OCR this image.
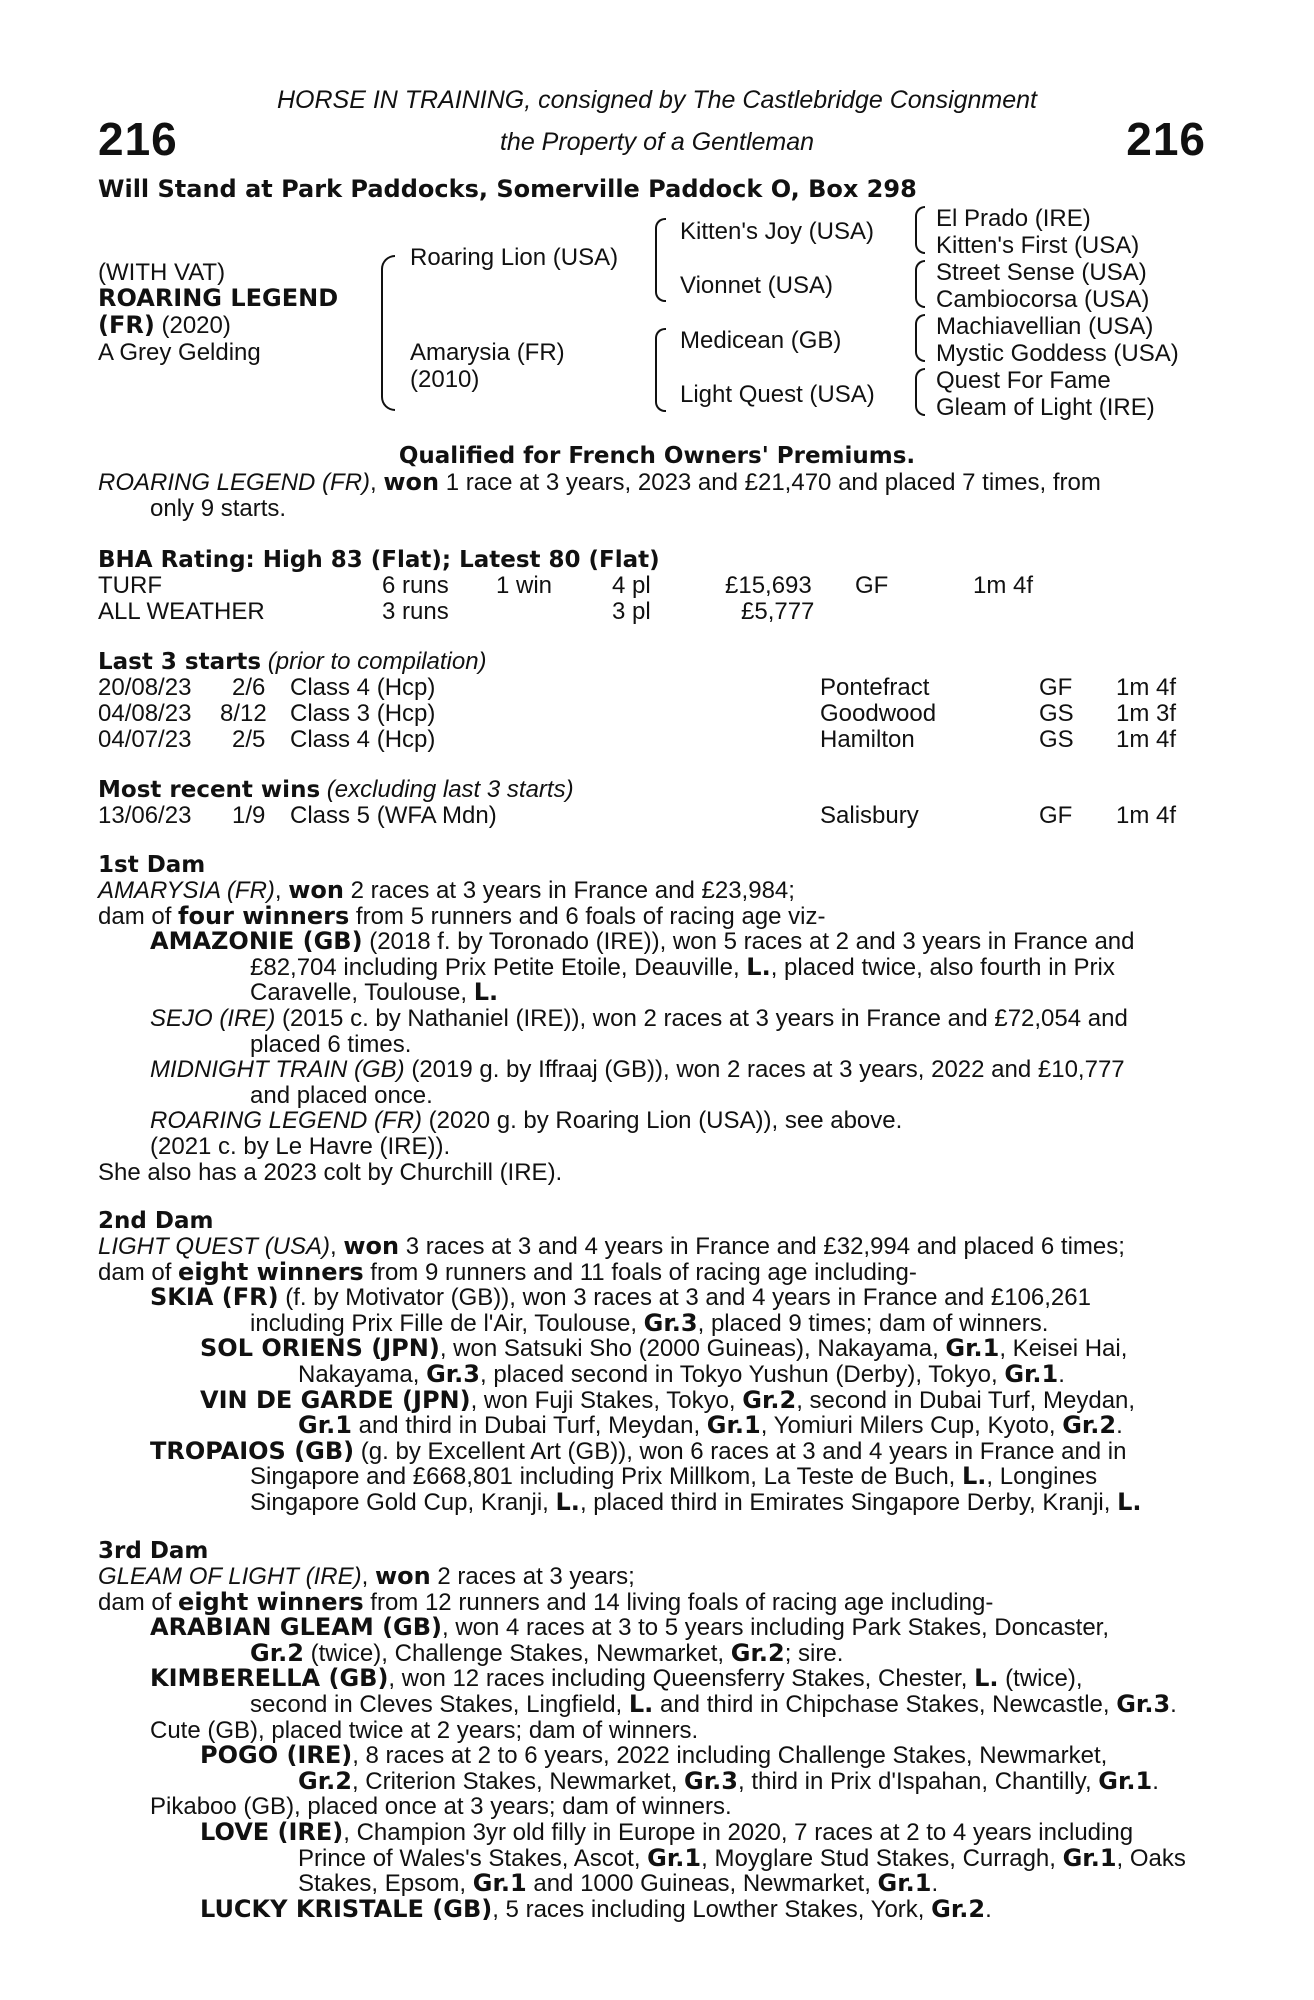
216	216
HORSE IN TRAINING, consigned by The Castlebridge Consignment
the Property of a Gentleman
Will Stand at Park Paddocks, Somerville Paddock O, Box 298
(WITH VAT)
ROARING LEGEND
(FR) (2020)
A Grey Gelding
Roaring Lion (USA)
Amarysia (FR)
(2010)
Kitten's Joy (USA)
Vionnet (USA)
Medicean (GB)
Light Quest (USA)
El Prado (IRE)
Kitten's First (USA)
Street Sense (USA)
Cambiocorsa (USA)
Machiavellian (USA)
Mystic Goddess (USA)
Quest For Fame
Gleam of Light (IRE)
Qualified for French Owners' Premiums.
ROARING LEGEND (FR), won 1 race at 3 years, 2023 and £21,470 and placed 7 times, from
only 9 starts.
BHA Rating: High 83 (Flat); Latest 80 (Flat)
TURF	6 runs 1 win 4 pl	£15,693 GF	1m 4f
ALL WEATHER	3 runs	3 pl	£5,777
Last 3 starts (prior to compilation)
20/08/23 2/6 Class 4 (Hcp)	Pontefract	GF 1m 4f
04/08/23 8/12 Class 3 (Hcp)	Goodwood	GS 1m 3f
04/07/23 2/5 Class 4 (Hcp)	Hamilton	GS 1m 4f
Most recent wins (excluding last 3 starts)
13/06/23 1/9 Class 5 (WFA Mdn)	Salisbury	GF 1m 4f
1st Dam
AMARYSIA (FR), won 2 races at 3 years in France and £23,984;
dam of four winners from 5 runners and 6 foals of racing age viz-
AMAZONIE (GB) (2018 f. by Toronado (IRE)), won 5 races at 2 and 3 years in France and
£82,704 including Prix Petite Etoile, Deauville, L., placed twice, also fourth in Prix
Caravelle, Toulouse, L.
SEJO (IRE) (2015 c. by Nathaniel (IRE)), won 2 races at 3 years in France and £72,054 and
placed 6 times.
MIDNIGHT TRAIN (GB) (2019 g. by Iffraaj (GB)), won 2 races at 3 years, 2022 and £10,777
and placed once.
ROARING LEGEND (FR) (2020 g. by Roaring Lion (USA)), see above.
(2021 c. by Le Havre (IRE)).
She also has a 2023 colt by Churchill (IRE).
2nd Dam
LIGHT QUEST (USA), won 3 races at 3 and 4 years in France and £32,994 and placed 6 times;
dam of eight winners from 9 runners and 11 foals of racing age including-
SKIA (FR) (f. by Motivator (GB)), won 3 races at 3 and 4 years in France and £106,261
including Prix Fille de l'Air, Toulouse, Gr.3, placed 9 times; dam of winners.
SOL ORIENS (JPN), won Satsuki Sho (2000 Guineas), Nakayama, Gr.1, Keisei Hai,
Nakayama, Gr.3, placed second in Tokyo Yushun (Derby), Tokyo, Gr.1.
VIN DE GARDE (JPN), won Fuji Stakes, Tokyo, Gr.2, second in Dubai Turf, Meydan,
Gr.1 and third in Dubai Turf, Meydan, Gr.1, Yomiuri Milers Cup, Kyoto, Gr.2.
TROPAIOS (GB) (g. by Excellent Art (GB)), won 6 races at 3 and 4 years in France and in
Singapore and £668,801 including Prix Millkom, La Teste de Buch, L., Longines
Singapore Gold Cup, Kranji, L., placed third in Emirates Singapore Derby, Kranji, L.
3rd Dam
GLEAM OF LIGHT (IRE), won 2 races at 3 years;
dam of eight winners from 12 runners and 14 living foals of racing age including-
ARABIAN GLEAM (GB), won 4 races at 3 to 5 years including Park Stakes, Doncaster,
Gr.2 (twice), Challenge Stakes, Newmarket, Gr.2; sire.
KIMBERELLA (GB), won 12 races including Queensferry Stakes, Chester, L. (twice),
second in Cleves Stakes, Lingfield, L. and third in Chipchase Stakes, Newcastle, Gr.3.
Cute (GB), placed twice at 2 years; dam of winners.
POGO (IRE), 8 races at 2 to 6 years, 2022 including Challenge Stakes, Newmarket,
Gr.2, Criterion Stakes, Newmarket, Gr.3, third in Prix d'Ispahan, Chantilly, Gr.1.
Pikaboo (GB), placed once at 3 years; dam of winners.
LOVE (IRE), Champion 3yr old filly in Europe in 2020, 7 races at 2 to 4 years including
Prince of Wales's Stakes, Ascot, Gr.1, Moyglare Stud Stakes, Curragh, Gr.1, Oaks
Stakes, Epsom, Gr.1 and 1000 Guineas, Newmarket, Gr.1.
LUCKY KRISTALE (GB), 5 races including Lowther Stakes, York, Gr.2.
